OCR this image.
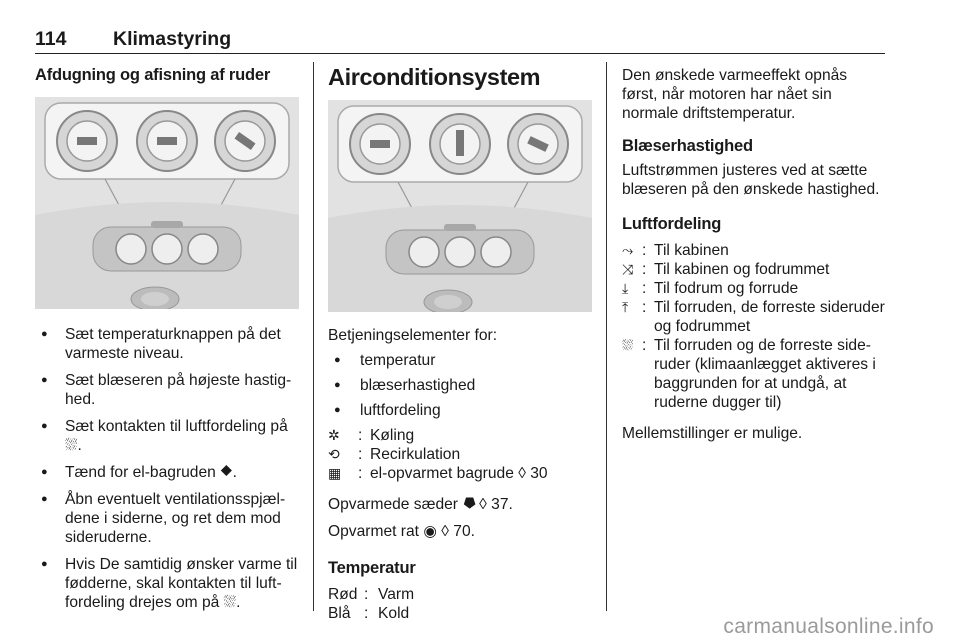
114 Klimastyring
Afdugning og afisning af ruder
● Sæt temperaturknappen på det varmeste niveau.
● Sæt blæseren på højeste hastighed.
● Sæt kontakten til luftfordeling på ⛆.
● Tænd for el-bagruden ⯁.
● Åbn eventuelt ventilationsspjældene i siderne, og ret dem mod sideruderne.
● Hvis De samtidig ønsker varme til fødderne, skal kontakten til luftfordeling drejes om på ⛆.
Airconditionsystem
Betjeningselementer for:
● temperatur
● blæserhastighed
● luftfordeling
✲	: Køling
⟲	: Recirkulation
▦	: el-opvarmet bagrude ◊ 30
Opvarmede sæder ⯂ ◊ 37.
Opvarmet rat ◉ ◊ 70.
Temperatur
Rød : Varm
Blå : Kold
Den ønskede varmeeffekt opnås først, når motoren har nået sin normale driftstemperatur.
Blæserhastighed
Luftstrømmen justeres ved at sætte blæseren på den ønskede hastighed.
Luftfordeling
⤳ : Til kabinen
⤨ : Til kabinen og fodrummet
⤓ : Til fodrum og forrude
⤒ : Til forruden, de forreste sideruder og fodrummet
⛆ : Til forruden og de forreste sideruder (klimaanlægget aktiveres i baggrunden for at undgå, at ruderne dugger til)
Mellemstillinger er mulige.
carmanualsonline.info
